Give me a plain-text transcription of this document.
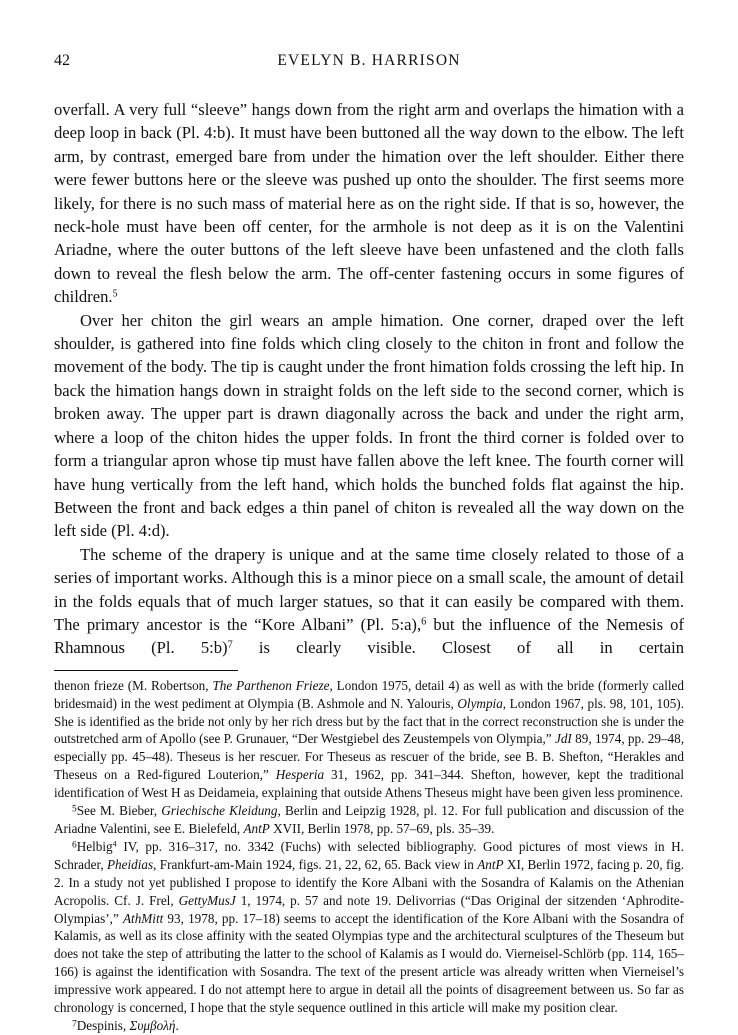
42	EVELYN B. HARRISON

overfall. A very full “sleeve” hangs down from the right arm and overlaps the himation with a deep loop in back (Pl. 4:b). It must have been buttoned all the way down to the elbow. The left arm, by contrast, emerged bare from under the himation over the left shoulder. Either there were fewer buttons here or the sleeve was pushed up onto the shoulder. The first seems more likely, for there is no such mass of material here as on the right side. If that is so, however, the neck-hole must have been off center, for the armhole is not deep as it is on the Valentini Ariadne, where the outer buttons of the left sleeve have been unfastened and the cloth falls down to reveal the flesh below the arm. The off-center fastening occurs in some figures of children.$^5$

Over her chiton the girl wears an ample himation. One corner, draped over the left shoulder, is gathered into fine folds which cling closely to the chiton in front and follow the movement of the body. The tip is caught under the front himation folds crossing the left hip. In back the himation hangs down in straight folds on the left side to the second corner, which is broken away. The upper part is drawn diagonally across the back and under the right arm, where a loop of the chiton hides the upper folds. In front the third corner is folded over to form a triangular apron whose tip must have fallen above the left knee. The fourth corner will have hung vertically from the left hand, which holds the bunched folds flat against the hip. Between the front and back edges a thin panel of chiton is revealed all the way down on the left side (Pl. 4:d).

The scheme of the drapery is unique and at the same time closely related to those of a series of important works. Although this is a minor piece on a small scale, the amount of detail in the folds equals that of much larger statues, so that it can easily be compared with them. The primary ancestor is the “Kore Albani” (Pl. 5:a),$^6$ but the influence of the Nemesis of Rhamnous (Pl. 5:b)$^7$ is clearly visible. Closest of all in certain

thenon frieze (M. Robertson, The Parthenon Frieze, London 1975, detail 4) as well as with the bride (formerly called bridesmaid) in the west pediment at Olympia (B. Ashmole and N. Yalouris, Olympia, London 1967, pls. 98, 101, 105). She is identified as the bride not only by her rich dress but by the fact that in the correct reconstruction she is under the outstretched arm of Apollo (see P. Grunauer, “Der Westgiebel des Zeustempels von Olympia,” JdI 89, 1974, pp. 29–48, especially pp. 45–48). Theseus is her rescuer. For Theseus as rescuer of the bride, see B. B. Shefton, “Herakles and Theseus on a Red-figured Louterion,” Hesperia 31, 1962, pp. 341–344. Shefton, however, kept the traditional identification of West H as Deidameia, explaining that outside Athens Theseus might have been given less prominence.

$^5$See M. Bieber, Griechische Kleidung, Berlin and Leipzig 1928, pl. 12. For full publication and discussion of the Ariadne Valentini, see E. Bielefeld, AntP XVII, Berlin 1978, pp. 57–69, pls. 35–39.

$^6$Helbig$^4$ IV, pp. 316–317, no. 3342 (Fuchs) with selected bibliography. Good pictures of most views in H. Schrader, Pheidias, Frankfurt-am-Main 1924, figs. 21, 22, 62, 65. Back view in AntP XI, Berlin 1972, facing p. 20, fig. 2. In a study not yet published I propose to identify the Kore Albani with the Sosandra of Kalamis on the Athenian Acropolis. Cf. J. Frel, GettyMusJ 1, 1974, p. 57 and note 19. Delivorrias (“Das Original der sitzenden ‘Aphrodite-Olympias’,” AthMitt 93, 1978, pp. 17–18) seems to accept the identification of the Kore Albani with the Sosandra of Kalamis, as well as its close affinity with the seated Olympias type and the architectural sculptures of the Theseum but does not take the step of attributing the latter to the school of Kalamis as I would do. Vierneisel-Schlörb (pp. 114, 165–166) is against the identification with Sosandra. The text of the present article was already written when Vierneisel’s impressive work appeared. I do not attempt here to argue in detail all the points of disagreement between us. So far as chronology is concerned, I hope that the style sequence outlined in this article will make my position clear.

$^7$Despinis, Συμβολή.
